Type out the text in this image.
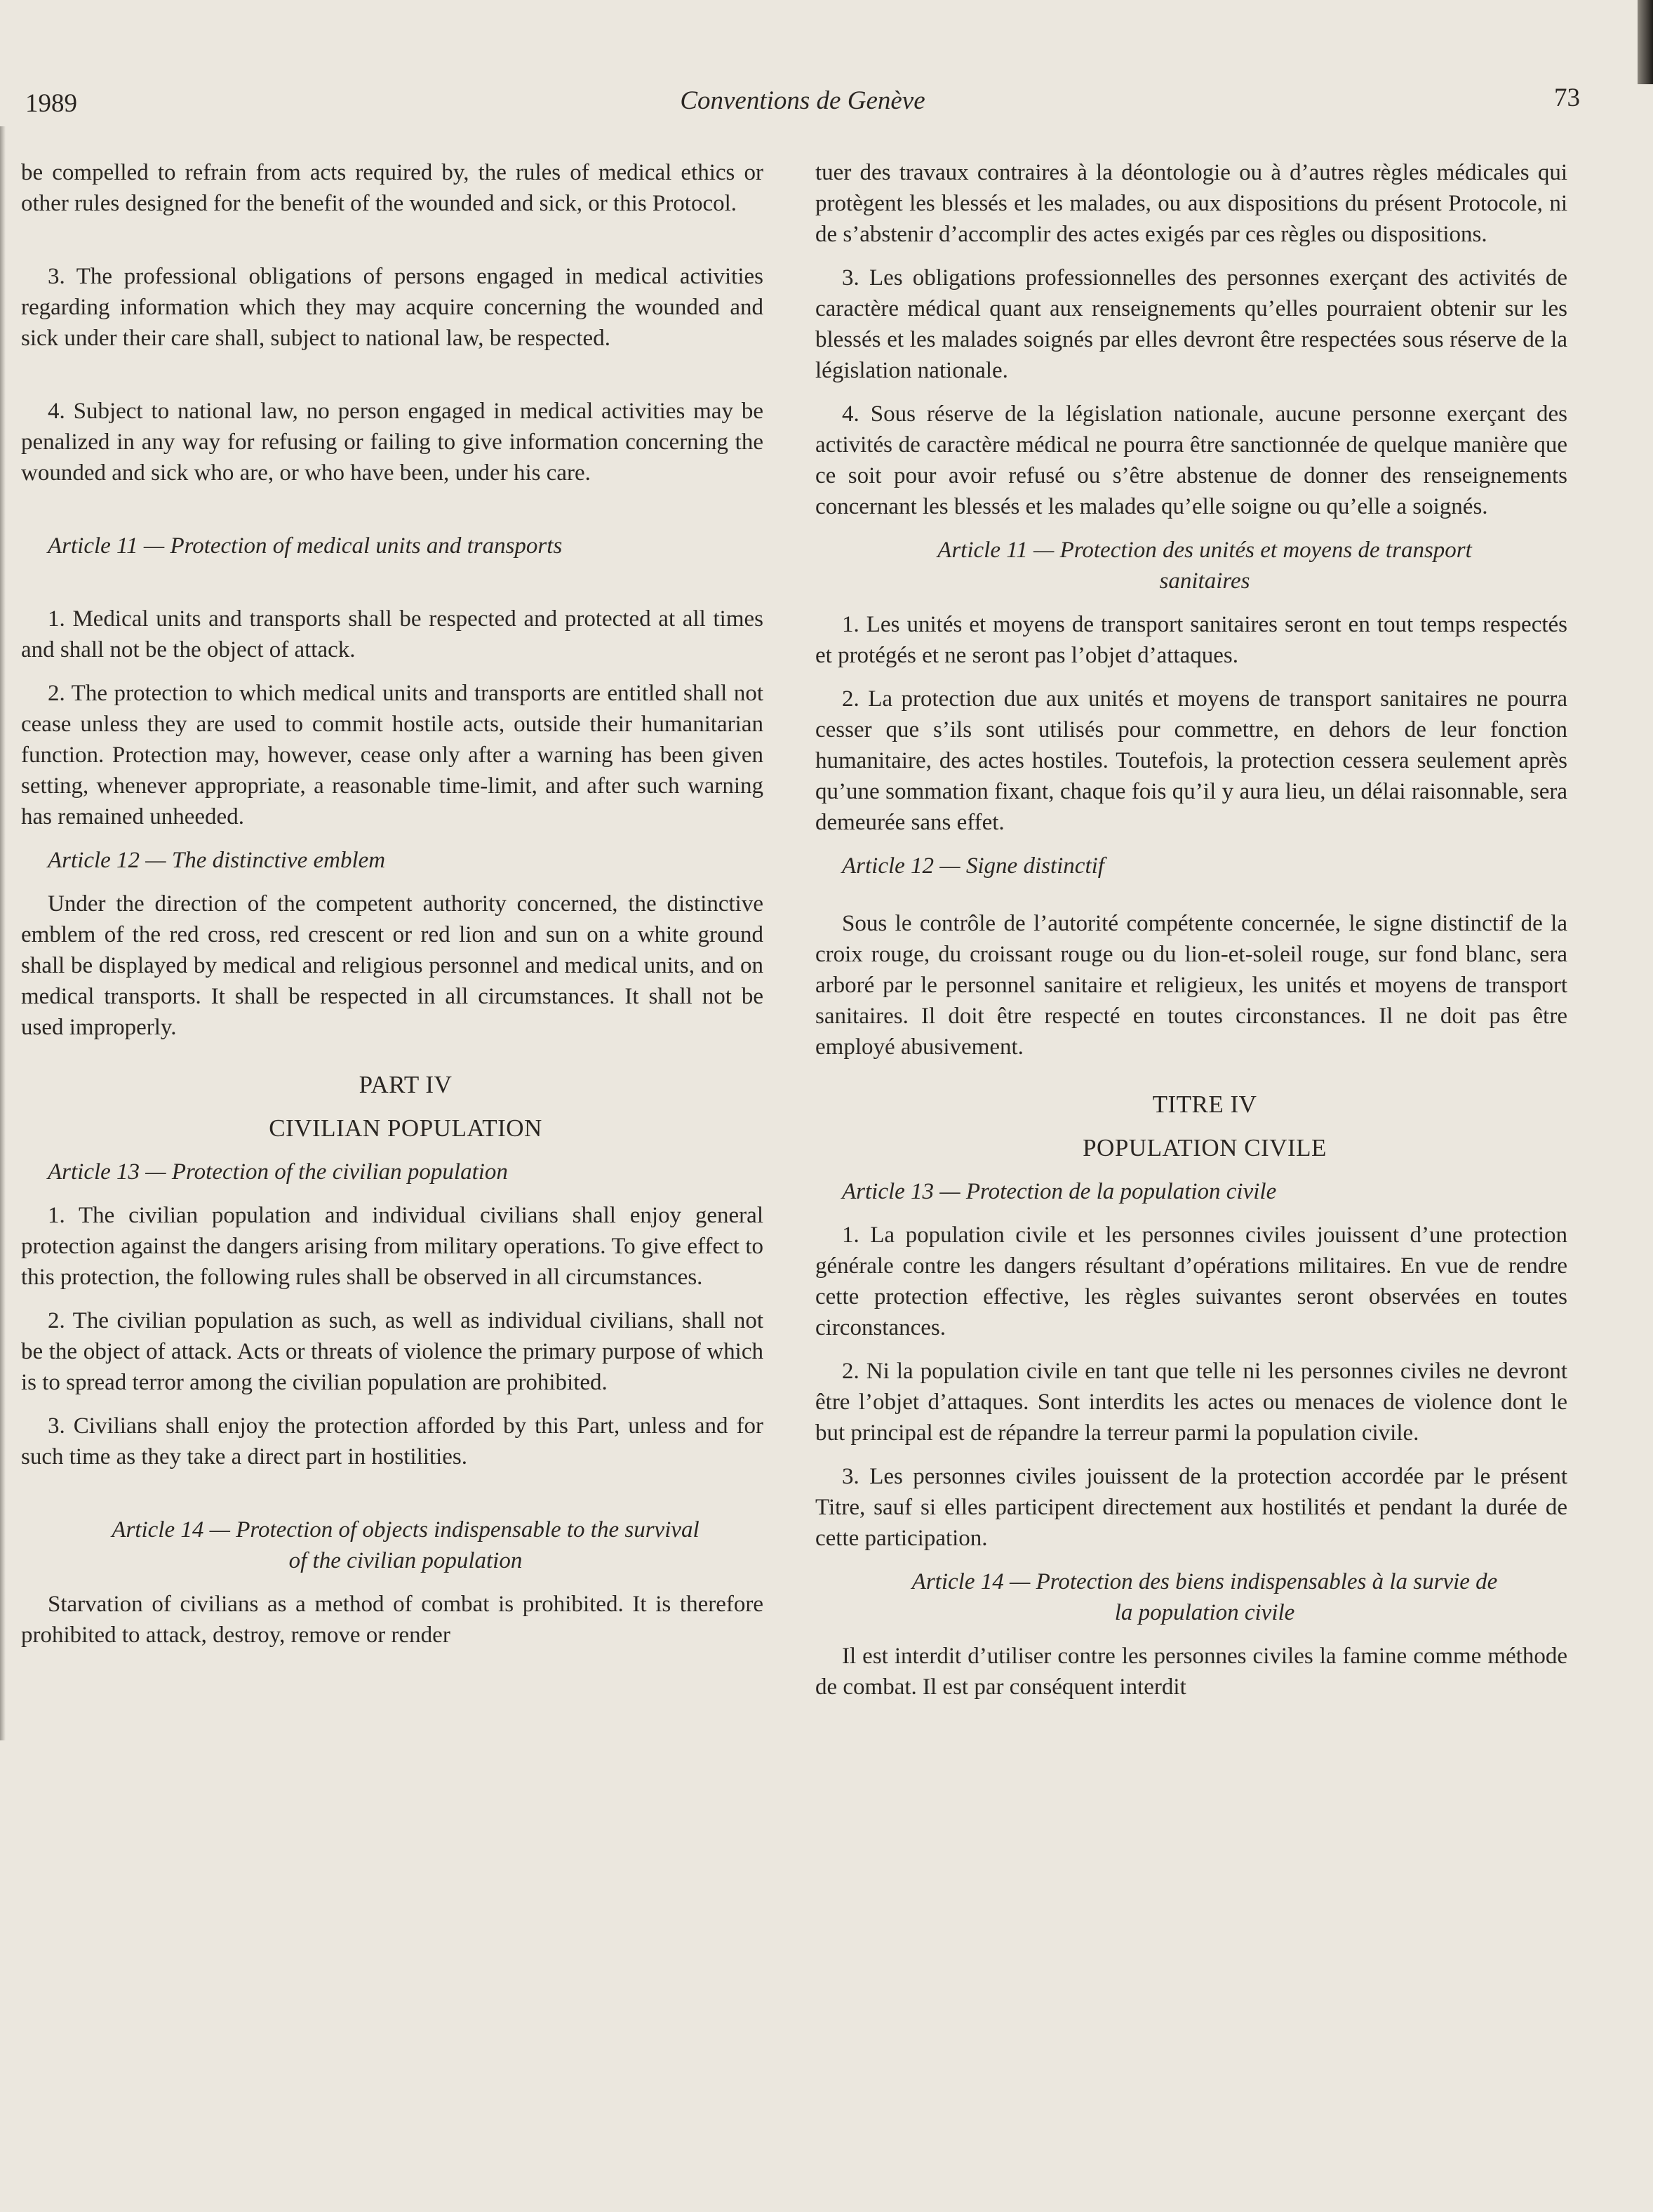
1989	Conventions de Genève	73

be compelled to refrain from acts required by, the rules of medical ethics or other rules designed for the benefit of the wounded and sick, or this Protocol.

3. The professional obligations of persons engaged in medical activities regarding information which they may acquire concerning the wounded and sick under their care shall, subject to national law, be respected.

4. Subject to national law, no person engaged in medical activities may be penalized in any way for refusing or failing to give information concerning the wounded and sick who are, or who have been, under his care.

Article 11 — Protection of medical units and transports

1. Medical units and transports shall be respected and protected at all times and shall not be the object of attack.

2. The protection to which medical units and transports are entitled shall not cease unless they are used to commit hostile acts, outside their humanitarian function. Protection may, however, cease only after a warning has been given setting, whenever appropriate, a reasonable time-limit, and after such warning has remained unheeded.

Article 12 — The distinctive emblem

Under the direction of the competent authority concerned, the distinctive emblem of the red cross, red crescent or red lion and sun on a white ground shall be displayed by medical and religious personnel and medical units, and on medical transports. It shall be respected in all circumstances. It shall not be used improperly.

PART IV

CIVILIAN POPULATION

Article 13 — Protection of the civilian population

1. The civilian population and individual civilians shall enjoy general protection against the dangers arising from military operations. To give effect to this protection, the following rules shall be observed in all circumstances.

2. The civilian population as such, as well as individual civilians, shall not be the object of attack. Acts or threats of violence the primary purpose of which is to spread terror among the civilian population are prohibited.

3. Civilians shall enjoy the protection afforded by this Part, unless and for such time as they take a direct part in hostilities.

Article 14 — Protection of objects indispensable to the survival

of the civilian population

Starvation of civilians as a method of combat is prohibited. It is therefore prohibited to attack, destroy, remove or render

tuer des travaux contraires à la déontologie ou à d’autres règles médicales qui protègent les blessés et les malades, ou aux dispositions du présent Protocole, ni de s’abstenir d’accomplir des actes exigés par ces règles ou dispositions.

3. Les obligations professionnelles des personnes exerçant des activités de caractère médical quant aux renseignements qu’elles pourraient obtenir sur les blessés et les malades soignés par elles devront être respectées sous réserve de la législation nationale.

4. Sous réserve de la législation nationale, aucune personne exerçant des activités de caractère médical ne pourra être sanctionnée de quelque manière que ce soit pour avoir refusé ou s’être abstenue de donner des renseignements concernant les blessés et les malades qu’elle soigne ou qu’elle a soignés.

Article 11 — Protection des unités et moyens de transport

sanitaires

1. Les unités et moyens de transport sanitaires seront en tout temps respectés et protégés et ne seront pas l’objet d’attaques.

2. La protection due aux unités et moyens de transport sanitaires ne pourra cesser que s’ils sont utilisés pour commettre, en dehors de leur fonction humanitaire, des actes hostiles. Toutefois, la protection cessera seulement après qu’une sommation fixant, chaque fois qu’il y aura lieu, un délai raisonnable, sera demeurée sans effet.

Article 12 — Signe distinctif

Sous le contrôle de l’autorité compétente concernée, le signe distinctif de la croix rouge, du croissant rouge ou du lion-et-soleil rouge, sur fond blanc, sera arboré par le personnel sanitaire et religieux, les unités et moyens de transport sanitaires. Il doit être respecté en toutes circonstances. Il ne doit pas être employé abusivement.

TITRE IV

POPULATION CIVILE

Article 13 — Protection de la population civile

1. La population civile et les personnes civiles jouissent d’une protection générale contre les dangers résultant d’opérations militaires. En vue de rendre cette protection effective, les règles suivantes seront observées en toutes circonstances.

2. Ni la population civile en tant que telle ni les personnes civiles ne devront être l’objet d’attaques. Sont interdits les actes ou menaces de violence dont le but principal est de répandre la terreur parmi la population civile.

3. Les personnes civiles jouissent de la protection accordée par le présent Titre, sauf si elles participent directement aux hostilités et pendant la durée de cette participation.

Article 14 — Protection des biens indispensables à la survie de

la population civile

Il est interdit d’utiliser contre les personnes civiles la famine comme méthode de combat. Il est par conséquent interdit
